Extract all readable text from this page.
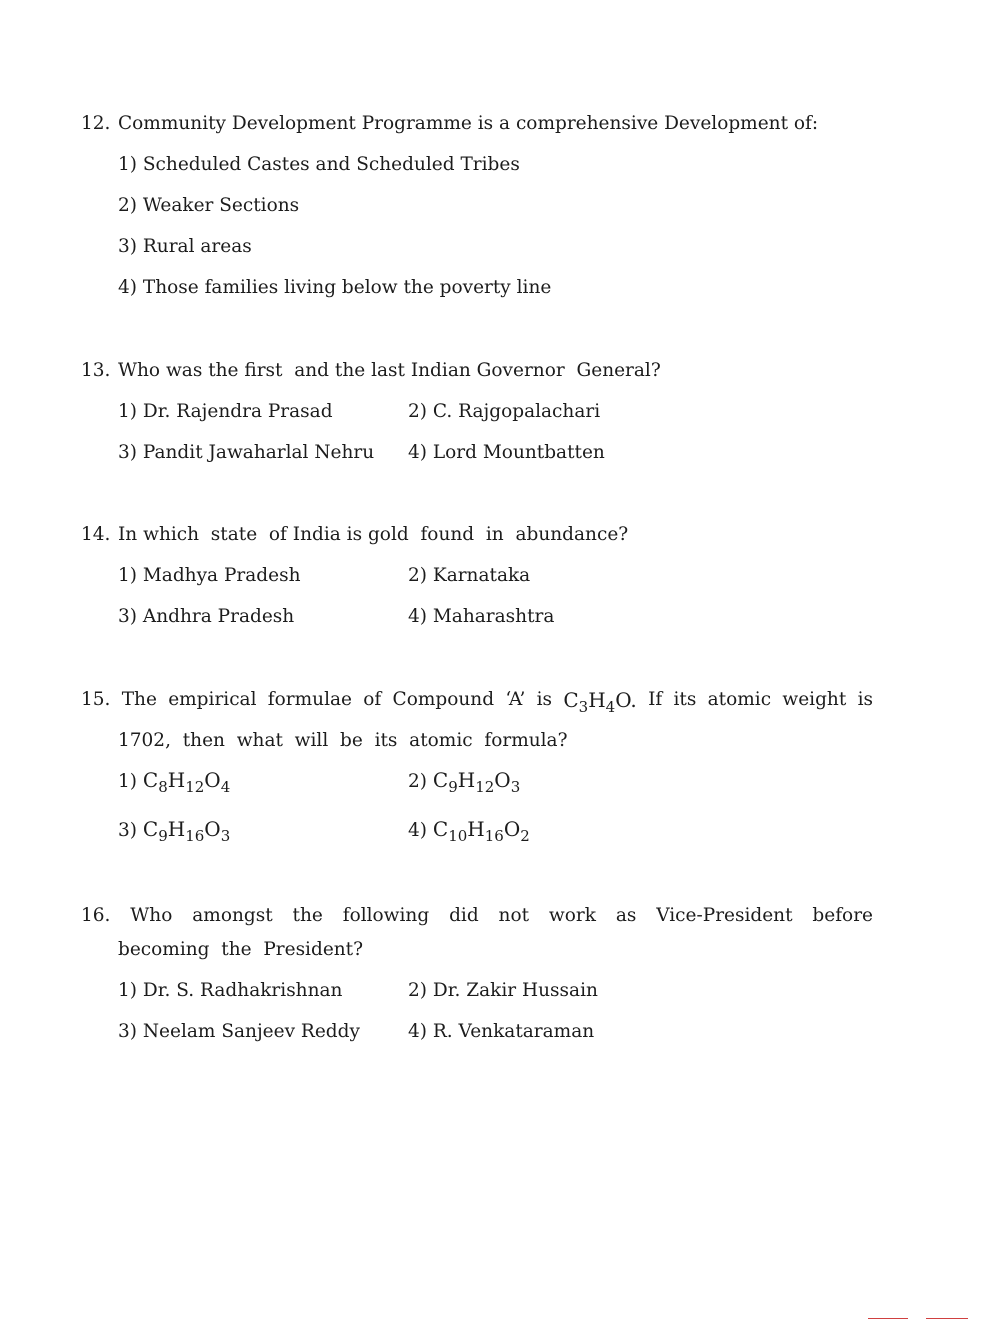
12. Community Development Programme is a comprehensive Development of:
1) Scheduled Castes and Scheduled Tribes
2) Weaker Sections
3) Rural areas
4) Those families living below the poverty line
13. Who was the first  and the last Indian Governor  General?
1) Dr. Rajendra Prasad	2) C. Rajgopalachari
3) Pandit Jawaharlal Nehru 4) Lord Mountbatten
14. In which  state  of India is gold  found  in  abundance?
1) Madhya Pradesh	2) Karnataka
3) Andhra Pradesh	4) Maharashtra
15. The empirical formulae of Compound ‘A’ is $C_3H_4O$. If its atomic weight is
1702,  then  what  will  be  its  atomic  formula?
1) $C_8H_{12}O_4$	2) $C_9H_{12}O_3$
3) $C_9H_{16}O_3$	4) $C_{10}H_{16}O_2$
16. Who amongst the following did not work as Vice-President before
becoming  the  President?
1) Dr. S. Radhakrishnan	2) Dr. Zakir Hussain
3) Neelam Sanjeev Reddy	4) R. Venkataraman
